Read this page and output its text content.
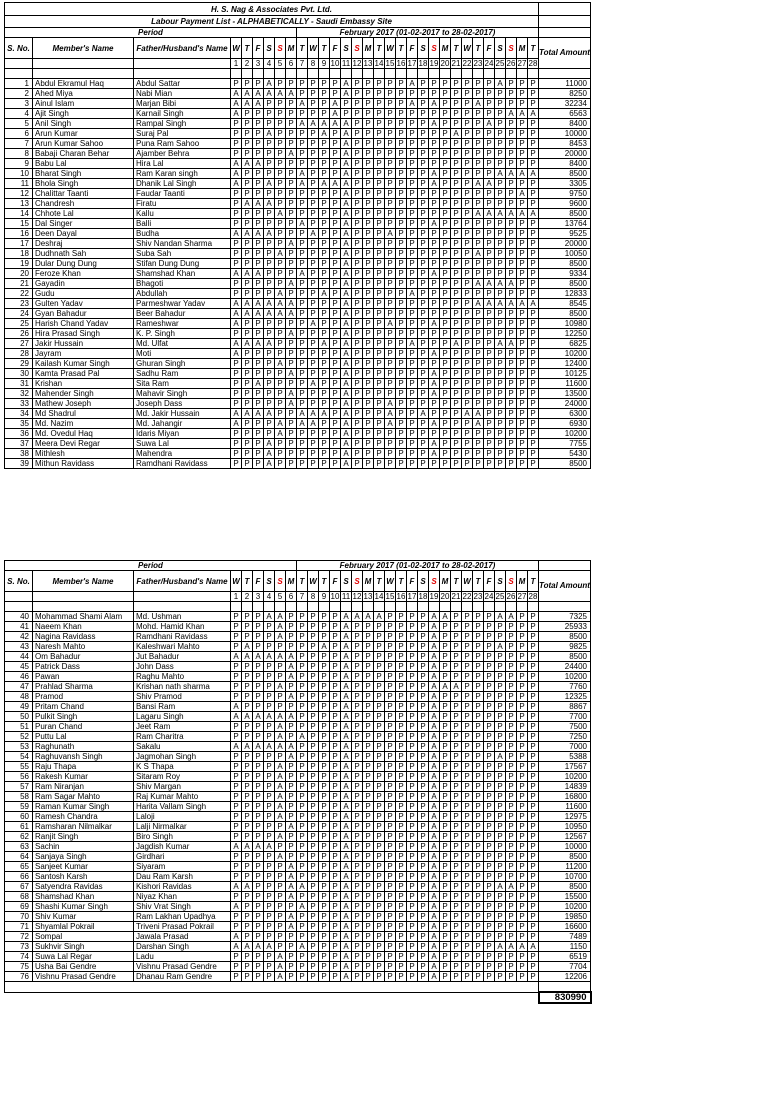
H. S. Nag & Associates Pvt. Ltd.																															
Labour Payment List - ALPHABETICALLY - Saudi Embassy Site																															
Period									February 2017 (01-02-2017 to 28-02-2017)																						
S. No.	Member's Name	Father/Husband's Name	W	T	F	S	S	M	T	W	T	F	S	S	M	T	W	T	F	S	S	M	T	W	T	F	S	S	M	T	Total Amount
			1	2	3	4	5	6	7	8	9	10	11	12	13	14	15	16	17	18	19	20	21	22	23	24	25	26	27	28	

1	Abdul Ekramul Haq	Abdul Sattar	P	P	P	A	P	P	P	P	P	P	A	P	P	P	P	P	A	P	P	P	P	P	P	P	A	P	P	P	11000
2	Ahed Miya	Nabi Mian	A	A	A	A	A	A	P	P	P	P	A	P	P	P	P	P	P	P	P	P	P	P	P	P	P	P	P	P	8250
3	Ainul Islam	Marjan Bibi	A	A	A	P	P	P	A	P	P	A	P	P	P	P	P	P	A	P	A	P	P	P	A	P	P	P	P	P	32234
4	Ajit Singh	Karnail Singh	A	P	P	P	P	P	P	P	P	A	P	P	P	P	P	P	P	P	P	P	P	P	P	P	P	A	A	A	6563
5	Anil Singh	Rampal Singh	P	P	P	P	P	P	A	A	A	A	A	P	P	P	P	P	P	P	A	P	P	P	P	A	P	P	P	P	8400
6	Arun Kumar	Suraj Pal	P	P	P	A	P	P	P	P	A	P	A	P	P	P	P	P	P	P	P	P	A	P	P	P	P	P	P	P	10000
7	Arun Kumar Sahoo	Puna Ram Sahoo	P	P	P	P	P	P	P	P	P	P	A	P	P	P	P	P	P	P	P	P	P	P	P	P	P	P	P	P	8453
8	Babaji Charan Behar	Ajamber Behra	P	P	P	P	P	A	P	P	P	P	A	P	P	P	P	P	P	P	P	P	P	P	P	P	P	P	P	P	20000
9	Babu Lal	Hira Lal	A	A	A	P	P	P	P	P	P	P	A	P	P	P	P	P	P	P	P	P	P	P	P	P	P	P	P	P	8400
10	Bharat Singh	Ram Karan singh	A	P	P	P	P	P	A	P	P	P	A	P	P	P	P	P	P	P	A	P	P	P	P	P	A	A	A	A	8500
11	Bhola Singh	Dhanik Lal Singh	A	P	P	A	P	P	A	P	A	A	A	P	P	P	P	P	P	P	A	P	P	P	A	A	P	P	P	P	3305
12	Chalittar Taanti	Faudar Taanti	P	P	P	P	P	P	P	P	P	P	A	P	P	P	P	P	P	P	P	P	P	P	P	P	P	P	A	P	9750
13	Chandresh	Firatu	P	A	A	A	P	P	P	P	P	P	A	P	P	P	P	P	P	P	P	P	P	P	P	P	P	P	P	P	9600
14	Chhote Lal	Kallu	P	P	P	P	A	P	P	P	P	P	A	P	P	P	P	P	P	P	P	P	P	P	A	A	A	A	A	A	8500
15	Dal Singer	Balli	P	P	P	P	P	P	A	P	P	P	A	P	P	P	P	P	P	P	A	P	P	P	P	P	P	P	P	P	13764
16	Deen Dayal	Budha	A	A	A	A	P	P	P	A	P	P	A	P	P	P	A	P	P	P	P	P	P	P	P	P	P	P	P	P	9525
17	Deshraj	Shiv Nandan Sharma	P	P	P	P	P	A	P	P	P	P	A	P	P	P	P	P	P	P	P	P	P	P	P	P	P	P	P	P	20000
18	Dudhnath Sah	Suba Sah	P	P	P	P	A	P	P	P	P	P	A	P	P	P	P	P	P	P	P	P	P	P	A	P	P	P	P	P	10050
19	Dular Dung Dung	Stifan Dung Dung	P	P	P	P	P	P	P	P	P	P	A	P	P	P	P	P	P	P	P	P	P	P	P	P	P	P	P	P	8500
20	Feroze Khan	Shamshad Khan	A	A	A	P	P	P	A	P	P	P	A	P	P	P	P	P	P	P	A	P	P	P	P	P	P	P	P	P	9334
21	Gayadin	Bhagoti	P	P	P	P	P	A	P	P	P	P	A	P	P	P	P	P	P	P	P	P	P	P	A	A	A	A	P	P	8500
22	Gudu	Abdullah	P	P	P	P	A	P	P	P	A	P	A	P	P	P	P	P	A	P	P	P	P	P	P	P	P	P	P	P	12833
23	Gulten Yadav	Parmeshwar Yadav	A	A	A	A	A	A	P	P	P	P	A	P	P	P	P	P	P	P	P	P	P	P	A	A	A	A	A	A	8545
24	Gyan Bahadur	Beer Bahadur	A	A	A	A	A	A	P	P	P	P	A	P	P	P	P	P	P	P	P	P	P	P	P	P	P	P	P	P	8500
25	Harish Chand Yadav	Rameshwar	A	P	P	P	P	P	P	A	P	P	A	P	P	P	A	P	P	P	A	P	P	P	P	P	P	P	P	P	10980
26	Hira Prasad Singh	K. P. Singh	P	P	P	P	P	A	P	P	P	P	A	P	P	P	P	P	P	P	P	P	P	P	P	P	P	P	P	P	12250
27	Jakir Hussain	Md. Ulfat	A	A	A	A	P	P	P	P	A	P	A	P	P	P	P	P	A	P	P	P	A	P	P	P	A	A	P	P	6825
28	Jayram	Moti	A	P	P	P	P	P	P	P	P	P	A	P	P	P	P	P	P	P	A	P	P	P	P	P	P	P	P	P	10200
29	Kailash Kumar Singh	Ghuran Singh	P	P	P	P	A	P	P	P	P	P	A	P	P	P	P	P	P	P	P	P	P	P	P	P	P	P	P	P	12400
30	Kamta Prasad Pal	Sadhu Ram	P	P	P	P	P	A	P	P	P	P	A	P	P	P	P	P	P	P	A	P	P	P	P	P	P	P	P	P	10125
31	Krishan	Sita Ram	P	P	A	P	P	P	P	A	P	P	A	P	P	P	P	P	P	P	A	P	P	P	P	P	P	P	P	P	11600
32	Mahender Singh	Mahavir Singh	P	P	P	P	P	A	P	P	P	P	A	P	P	P	P	P	P	P	A	P	P	P	P	P	P	P	P	P	13500
33	Mathew Joseph	Joseph Dass	P	P	P	P	P	A	P	P	P	P	A	P	P	P	A	P	P	P	P	P	P	P	P	P	P	P	P	P	24000
34	Md Shadrul	Md. Jakir Hussain	A	A	A	A	P	P	A	A	A	P	A	P	P	P	A	P	P	A	P	P	P	A	A	P	P	P	P	P	6300
35	Md. Nazim	Md. Jahangir	A	P	P	P	A	P	A	A	P	P	A	P	P	P	A	P	P	P	A	P	P	P	A	P	P	P	P	P	6930
36	Md. Ovedul Haq	Idaris Miyan	P	P	P	P	A	P	P	P	P	P	A	P	P	P	P	P	P	P	P	P	P	P	P	P	P	P	P	P	10200
37	Meera Devi Regar	Suwa Lal	P	P	P	A	P	P	P	P	P	P	A	P	P	P	P	P	P	P	A	P	P	P	P	P	P	P	P	P	7755
38	Mithlesh	Mahendra	P	P	P	A	P	P	P	P	P	P	A	P	P	P	P	P	P	P	A	P	P	P	P	P	P	P	P	P	5430
39	Mithun Ravidass	Ramdhani Ravidass	P	P	P	A	P	P	P	P	P	P	A	P	P	P	P	P	P	P	P	P	P	P	P	P	P	P	P	P	8500
Period									February 2017 (01-02-2017 to 28-02-2017)																						
S. No.	Member's Name	Father/Husband's Name	W	T	F	S	S	M	T	W	T	F	S	S	M	T	W	T	F	S	S	M	T	W	T	F	S	S	M	T	Total Amount
			1	2	3	4	5	6	7	8	9	10	11	12	13	14	15	16	17	18	19	20	21	22	23	24	25	26	27	28	

40	Mohammad Shami Alam	Md. Ushman	P	P	P	A	A	P	P	P	P	P	A	A	A	A	P	P	P	P	A	A	P	P	P	P	A	A	P	P	7325
41	Naeem Khan	Mohd. Hamid Khan	P	P	P	P	A	P	P	P	P	P	A	P	P	P	P	P	P	P	A	P	P	P	P	P	P	P	P	P	25933
42	Nagina Ravidass	Ramdhani Ravidass	P	P	P	P	A	P	P	P	P	P	A	P	P	P	P	P	P	P	A	P	P	P	P	P	P	P	P	P	8500
43	Naresh Mahto	Kaleshwari Mahto	P	A	P	P	P	P	P	P	A	P	A	P	P	P	P	P	P	P	A	P	P	P	P	P	A	P	P	P	9825
44	Om Bahadur	Jut Bahadur	A	A	A	A	A	A	P	P	P	P	A	P	P	P	P	P	P	P	A	P	P	P	P	P	P	P	P	P	8500
45	Patrick Dass	John Dass	P	P	P	P	P	A	P	P	P	P	A	P	P	P	P	P	P	P	A	P	P	P	P	P	P	P	P	P	24400
46	Pawan	Raghu Mahto	P	P	P	P	P	A	P	P	P	P	A	P	P	P	P	P	P	P	A	P	P	P	P	P	P	P	P	P	10200
47	Prahlad Sharma	Krishan nath sharma	P	P	P	P	A	P	P	P	P	P	A	P	P	P	P	P	P	P	A	A	A	P	P	P	P	P	P	P	7760
48	Pramod	Shiv Pramod	P	P	P	P	P	A	P	P	P	P	A	P	P	P	P	P	P	P	A	P	P	P	P	P	P	P	P	P	12325
49	Pritam Chand	Bansi Ram	A	P	P	P	P	P	P	P	P	P	A	P	P	P	P	P	P	P	A	P	P	P	P	P	P	P	P	P	8867
50	Pulkit Singh	Lagaru Singh	A	A	A	A	A	A	P	P	P	P	A	P	P	P	P	P	P	P	A	P	P	P	P	P	P	P	P	P	7700
51	Puran Chand	Jeet Ram	P	P	P	P	A	P	P	P	P	P	A	P	P	P	P	P	P	P	A	P	P	P	P	P	P	P	P	P	7500
52	Puttu Lal	Ram Charitra	P	P	P	P	A	P	A	P	P	P	A	P	P	P	P	P	P	P	A	P	P	P	P	P	P	P	P	P	7250
53	Raghunath	Sakalu	A	A	A	A	A	A	P	P	P	P	A	P	P	P	P	P	P	P	A	P	P	P	P	P	P	P	P	P	7000
54	Raghuvansh Singh	Jagmohan Singh	P	P	P	P	P	A	P	P	P	P	A	P	P	P	P	P	P	P	A	P	P	P	P	P	A	P	P	P	5388
55	Raju Thapa	K S Thapa	P	P	P	P	A	P	P	P	P	P	A	P	P	P	P	P	P	P	A	P	P	P	P	P	P	P	P	P	17567
56	Rakesh Kumar	Sitaram Roy	P	P	P	P	A	P	P	P	P	P	A	P	P	P	P	P	P	P	A	P	P	P	P	P	P	P	P	P	10200
57	Ram Niranjan	Shiv Margan	P	P	P	P	A	P	P	P	P	P	A	P	P	P	P	P	P	P	A	P	P	P	P	P	P	P	P	P	14839
58	Ram Sagar Mahto	Raj Kumar Mahto	P	P	P	P	A	P	P	P	P	P	A	P	P	P	P	P	P	P	A	P	P	P	P	P	P	P	P	P	16800
59	Raman Kumar Singh	Harita Vallam Singh	P	P	P	P	A	P	P	P	P	P	A	P	P	P	P	P	P	P	A	P	P	P	P	P	P	P	P	P	11600
60	Ramesh Chandra	Laloji	P	P	P	P	A	P	P	P	P	P	A	P	P	P	P	P	P	P	A	P	P	P	P	P	P	P	P	P	12975
61	Ramsharan Nilmalkar	Lalji Nirmalkar	P	P	P	P	P	A	P	P	P	P	A	P	P	P	P	P	P	P	A	P	P	P	P	P	P	P	P	P	10950
62	Ranjit Singh	Biro Singh	P	P	P	P	A	P	P	P	P	P	A	P	P	P	P	P	P	P	A	P	P	P	P	P	P	P	P	P	12567
63	Sachin	Jagdish Kumar	A	A	A	A	P	P	P	P	P	P	A	P	P	P	P	P	P	P	A	P	P	P	P	P	P	P	P	P	10000
64	Sanjaya Singh	Girdhari	P	P	P	P	A	P	P	P	P	P	A	P	P	P	P	P	P	P	A	P	P	P	P	P	P	P	P	P	8500
65	Sanjeet Kumar	Siyaram	P	P	P	P	P	A	P	P	P	P	A	P	P	P	P	P	P	P	A	P	P	P	P	P	P	P	P	P	11200
66	Santosh Karsh	Dau Ram Karsh	P	P	P	P	P	A	P	P	P	P	A	P	P	P	P	P	P	P	A	P	P	P	P	P	P	P	P	P	10700
67	Satyendra Ravidas	Kishori Ravidas	A	A	P	P	P	A	A	P	P	P	A	P	P	P	P	P	P	P	A	P	P	P	P	P	A	A	P	P	8500
68	Shamshad Khan	Niyaz Khan	P	P	P	P	P	A	P	P	P	P	A	P	P	P	P	P	P	P	A	P	P	P	P	P	P	P	P	P	15500
69	Shashi Kumar Singh	Shiv Vrat Singh	A	P	P	P	P	P	A	P	P	P	A	P	P	P	P	P	P	P	A	P	P	P	P	P	P	P	P	P	10200
70	Shiv Kumar	Ram Lakhan Upadhya	P	P	P	P	P	A	P	P	P	P	A	P	P	P	P	P	P	P	A	P	P	P	P	P	P	P	P	P	19850
71	Shyamlal Pokrail	Triveni Prasad Pokrail	P	P	P	P	P	A	P	P	P	P	A	P	P	P	P	P	P	P	A	P	P	P	P	P	P	P	P	P	16600
72	Sompal	Jawala Prasad	A	P	P	P	P	P	P	P	P	P	A	P	P	P	P	P	P	P	A	P	P	P	P	P	P	P	P	P	7489
73	Sukhvir Singh	Darshan Singh	A	A	A	A	P	P	A	P	P	P	A	P	P	P	P	P	P	P	A	P	P	P	P	P	A	A	A	A	1150
74	Suwa Lal Regar	Ladu	P	P	P	P	A	P	P	P	P	P	A	P	P	P	P	P	P	P	A	P	P	P	P	P	P	P	P	P	6519
75	Usha Bai Gendre	Vishnu Prasad Gendre	P	P	P	P	A	P	P	P	P	P	A	P	P	P	P	P	P	P	A	P	P	P	P	P	P	P	P	P	7704
76	Vishnu Prasad Gendre	Dhanau Ram Gendre	P	P	P	P	A	P	P	P	P	P	A	P	P	P	P	P	P	P	A	P	P	P	P	P	P	P	P	P	12206

																															830990
